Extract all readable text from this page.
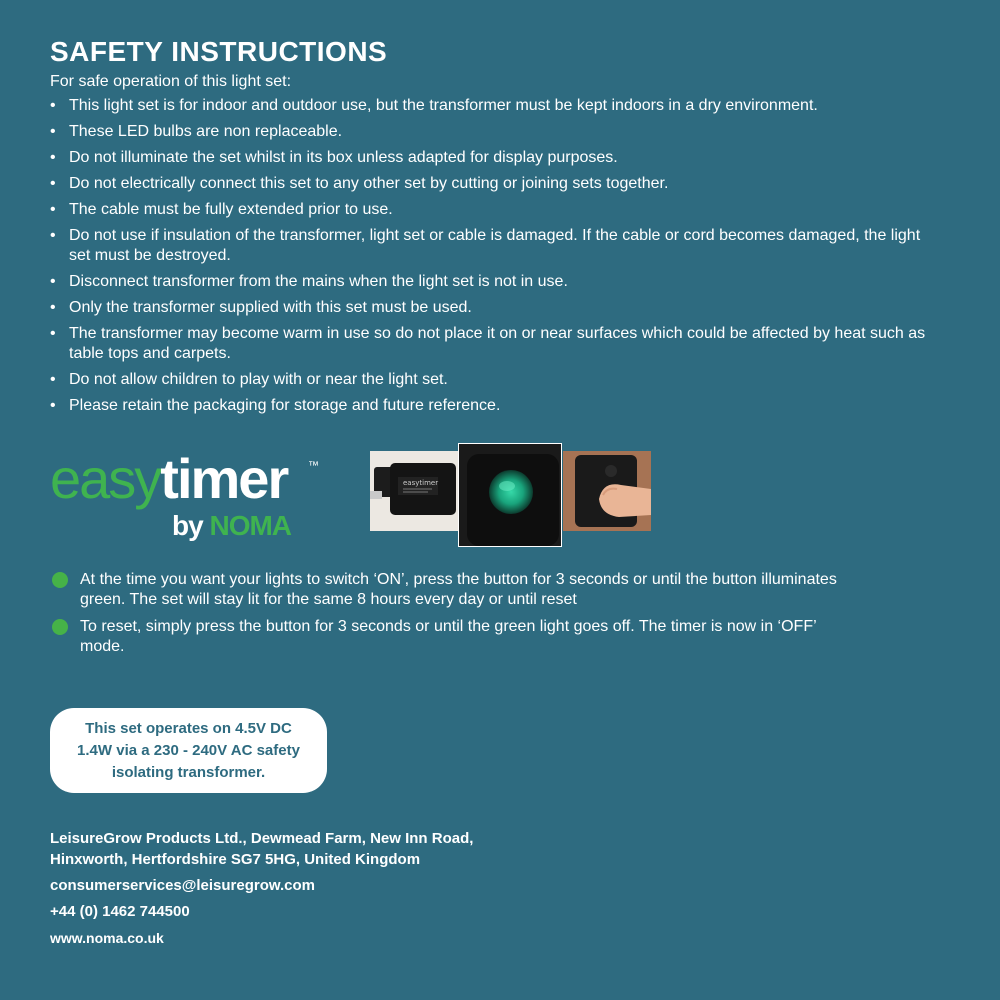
SAFETY INSTRUCTIONS
For safe operation of this light set:
• This light set is for indoor and outdoor use, but the transformer must be kept indoors in a dry environment.
• These LED bulbs are non replaceable.
• Do not illuminate the set whilst in its box unless adapted for display purposes.
• Do not electrically connect this set to any other set by cutting or joining sets together.
• The cable must be fully extended prior to use.
• Do not use if insulation of the transformer, light set or cable is damaged. If the cable or cord becomes damaged, the light set must be destroyed.
• Disconnect transformer from the mains when the light set is not in use.
• Only the transformer supplied with this set must be used.
• The transformer may become warm in use so do not place it on or near surfaces which could be affected by heat such as table tops and carpets.
• Do not allow children to play with or near the light set.
• Please retain the packaging for storage and future reference.
easytimer ™
by NOMA
easytimer
At the time you want your lights to switch ‘ON’, press the button for 3 seconds or until the button illuminates green. The set will stay lit for the same 8 hours every day or until reset
To reset, simply press the button for 3 seconds or until the green light goes off. The timer is now in ‘OFF’ mode.
This set operates on 4.5V DC 1.4W via a 230 - 240V AC safety isolating transformer.
LeisureGrow Products Ltd., Dewmead Farm, New Inn Road,
Hinxworth, Hertfordshire SG7 5HG, United Kingdom
consumerservices@leisuregrow.com
+44 (0) 1462 744500
www.noma.co.uk
